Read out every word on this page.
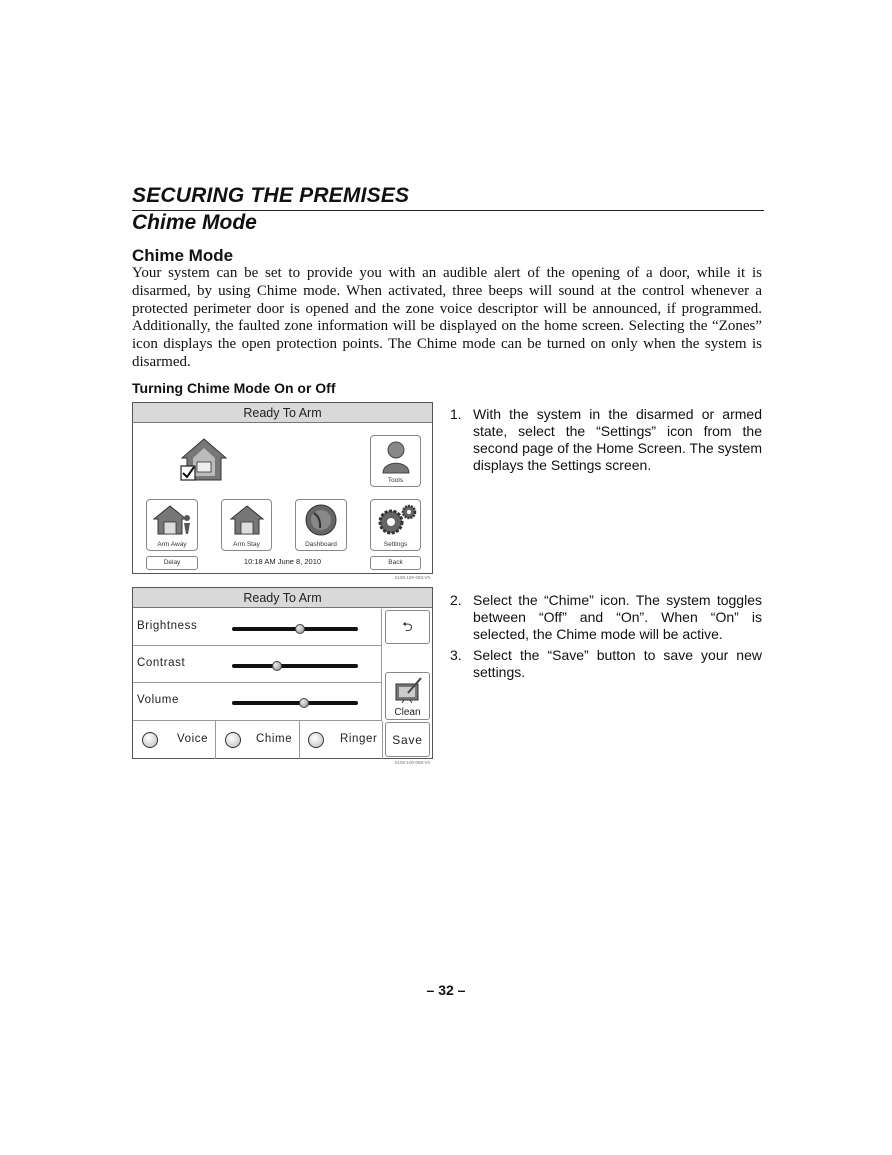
SECURING THE PREMISES
Chime Mode
Chime Mode

Your system can be set to provide you with an audible alert of the opening of a door, while it is disarmed, by using Chime mode. When activated, three beeps will sound at the control whenever a protected perimeter door is opened and the zone voice descriptor will be announced, if programmed. Additionally, the faulted zone information will be displayed on the home screen. Selecting the “Zones” icon displays the open protection points. The Chime mode can be turned on only when the system is disarmed.

Turning Chime Mode On or Off
Ready To Arm
Tools
Arm Away	Arm Stay	Dashboard	Settings
Delay	10:18 AM June 8, 2010	Back
5100-100-083-V0
Ready To Arm
Brightness
Contrast
Volume
⮌
Clean
Voice	Chime	Ringer	Save
5100-100-088-V0
1. With the system in the disarmed or armed state, select the “Settings” icon from the second page of the Home Screen. The system displays the Settings screen.
2. Select the “Chime” icon. The system toggles between “Off” and “On”. When “On” is selected, the Chime mode will be active.
3. Select the “Save” button to save your new settings.
– 32 –
